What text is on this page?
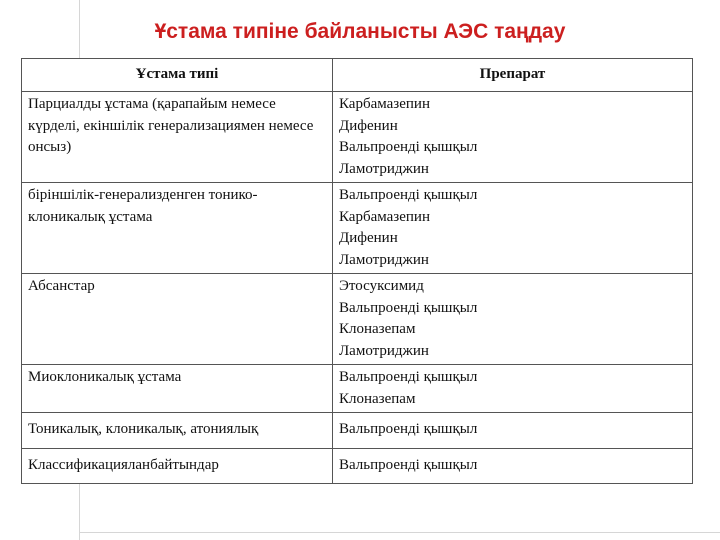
Ұстама типіне байланысты АЭС таңдау
Ұстама типі	Препарат
Парциалды ұстама (қарапайым немесе күрделі, екіншілік генерализациямен немесе онсыз)	Карбамазепин
Дифенин
Вальпроенді қышқыл
Ламотриджин

біріншілік-генерализденген тонико-клоникалық ұстама	Вальпроенді қышқыл
Карбамазепин
Дифенин
Ламотриджин

Абсанстар	Этосуксимид
Вальпроенді қышқыл
Клоназепам
Ламотриджин

Миоклоникалық ұстама	Вальпроенді қышқыл
Клоназепам

Тоникалық, клоникалық, атониялық	Вальпроенді қышқыл

Классификацияланбайтындар	Вальпроенді қышқыл
